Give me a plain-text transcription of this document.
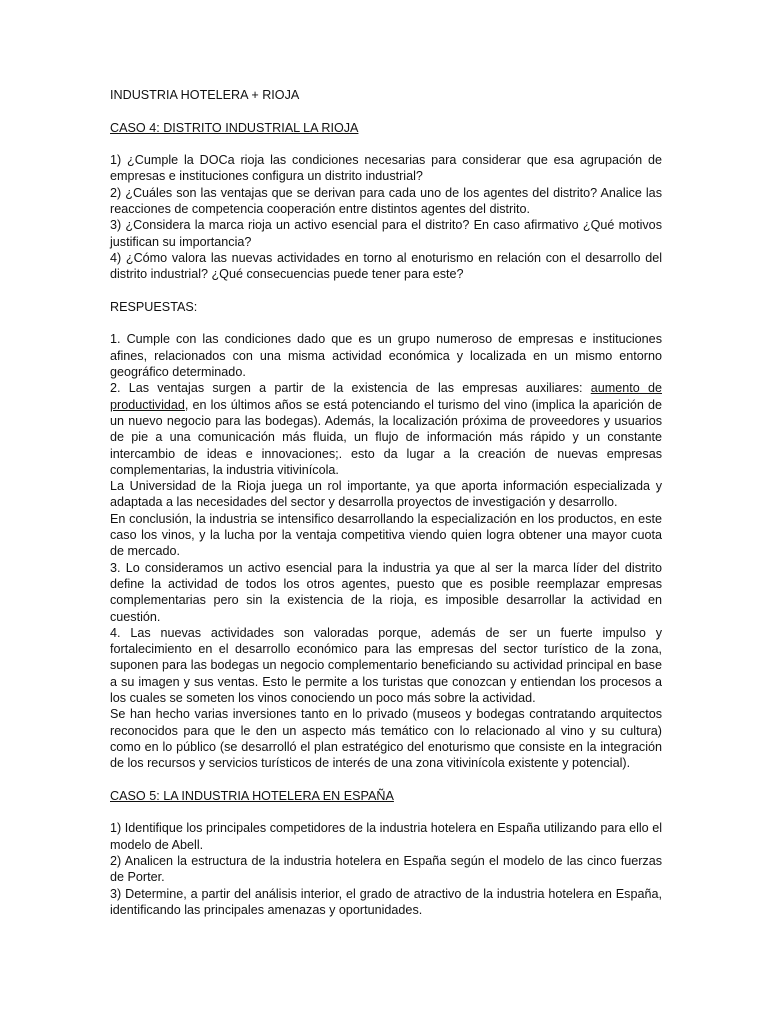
INDUSTRIA HOTELERA + RIOJA

CASO 4: DISTRITO INDUSTRIAL LA RIOJA

1) ¿Cumple la DOCa rioja las condiciones necesarias para considerar que esa agrupación de empresas e instituciones configura un distrito industrial?

2) ¿Cuáles son las ventajas que se derivan para cada uno de los agentes del distrito? Analice las reacciones de competencia cooperación entre distintos agentes del distrito.

3) ¿Considera la marca rioja un activo esencial para el distrito? En caso afirmativo ¿Qué motivos justifican su importancia?

4) ¿Cómo valora las nuevas actividades en torno al enoturismo en relación con el desarrollo del distrito industrial? ¿Qué consecuencias puede tener para este?

RESPUESTAS:

1. Cumple con las condiciones dado que es un grupo numeroso de empresas e instituciones afines, relacionados con una misma actividad económica y localizada en un mismo entorno geográfico determinado.

2. Las ventajas surgen a partir de la existencia de las empresas auxiliares: aumento de productividad, en los últimos años se está potenciando el turismo del vino (implica la aparición de un nuevo negocio para las bodegas). Además, la localización próxima de proveedores y usuarios de pie a una comunicación más fluida, un flujo de información más rápido y un constante intercambio de ideas e innovaciones;. esto da lugar a la creación de nuevas empresas complementarias, la industria vitivinícola.

La Universidad de la Rioja juega un rol importante, ya que aporta información especializada y adaptada a las necesidades del sector y desarrolla proyectos de investigación y desarrollo.

En conclusión, la industria se intensifico desarrollando la especialización en los productos, en este caso los vinos, y la lucha por la ventaja competitiva viendo quien logra obtener una mayor cuota de mercado.

3. Lo consideramos un activo esencial para la industria ya que al ser la marca líder del distrito define la actividad de todos los otros agentes, puesto que es posible reemplazar empresas complementarias pero sin la existencia de la rioja, es imposible desarrollar la actividad en cuestión.

4. Las nuevas actividades son valoradas porque, además de ser un fuerte impulso y fortalecimiento en el desarrollo económico para las empresas del sector turístico de la zona, suponen para las bodegas un negocio complementario beneficiando su actividad principal en base a su imagen y sus ventas. Esto le permite a los turistas que conozcan y entiendan los procesos a los cuales se someten los vinos conociendo un poco más sobre la actividad.

Se han hecho varias inversiones tanto en lo privado (museos y bodegas contratando arquitectos reconocidos para que le den un aspecto más temático con lo relacionado al vino y su cultura) como en lo público (se desarrolló el plan estratégico del enoturismo que consiste en la integración de los recursos y servicios turísticos de interés de una zona vitivinícola existente y potencial).

CASO 5: LA INDUSTRIA HOTELERA EN ESPAÑA

1) Identifique los principales competidores de la industria hotelera en España utilizando para ello el modelo de Abell.

2) Analicen la estructura de la industria hotelera en España según el modelo de las cinco fuerzas de Porter.

3) Determine, a partir del análisis interior, el grado de atractivo de la industria hotelera en España, identificando las principales amenazas y oportunidades.
